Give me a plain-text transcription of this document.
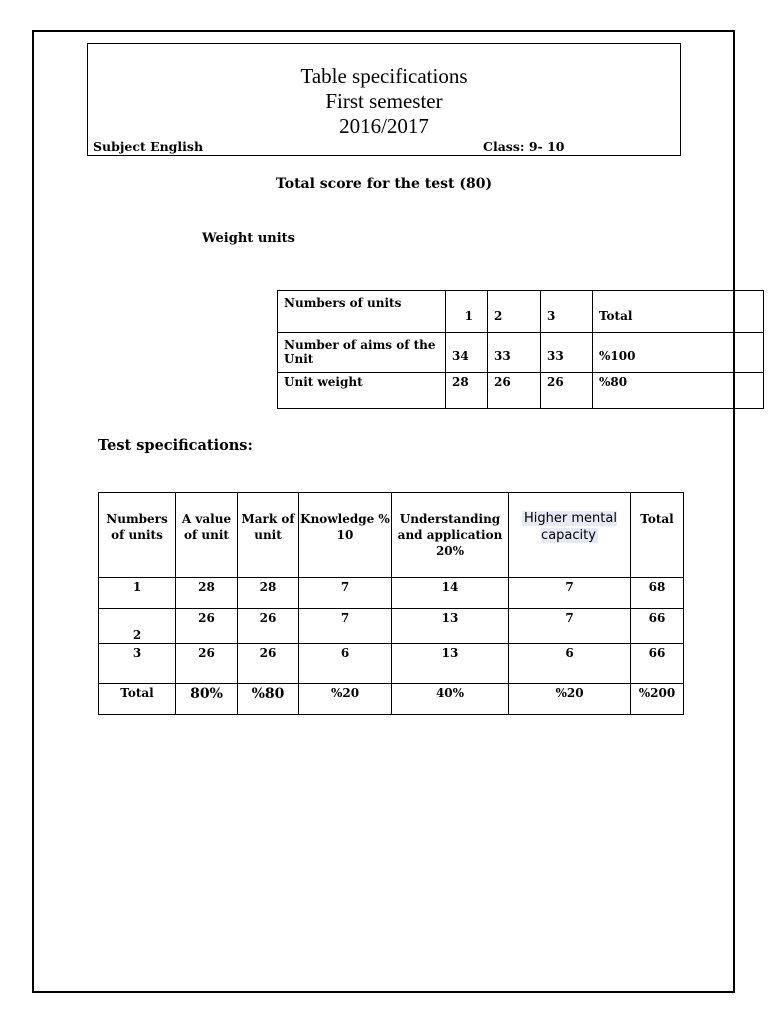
Table specifications
First semester
2016/2017
Subject English	Class: 9- 10
Total score for the test (80)
Weight units
Numbers of units	1	2	3	Total
Number of aims of the Unit	34	33	33	%100
Unit weight	28	26	26	%80
Test specifications:
Numbers of units	A value of unit	Mark of unit	Knowledge % 10	Understanding and application 20%	Higher mental capacity	Total
1	28	28	7	14	7	68
2	26	26	7	13	7	66
3	26	26	6	13	6	66
Total	80%	%80	%20	40%	%20	%200
